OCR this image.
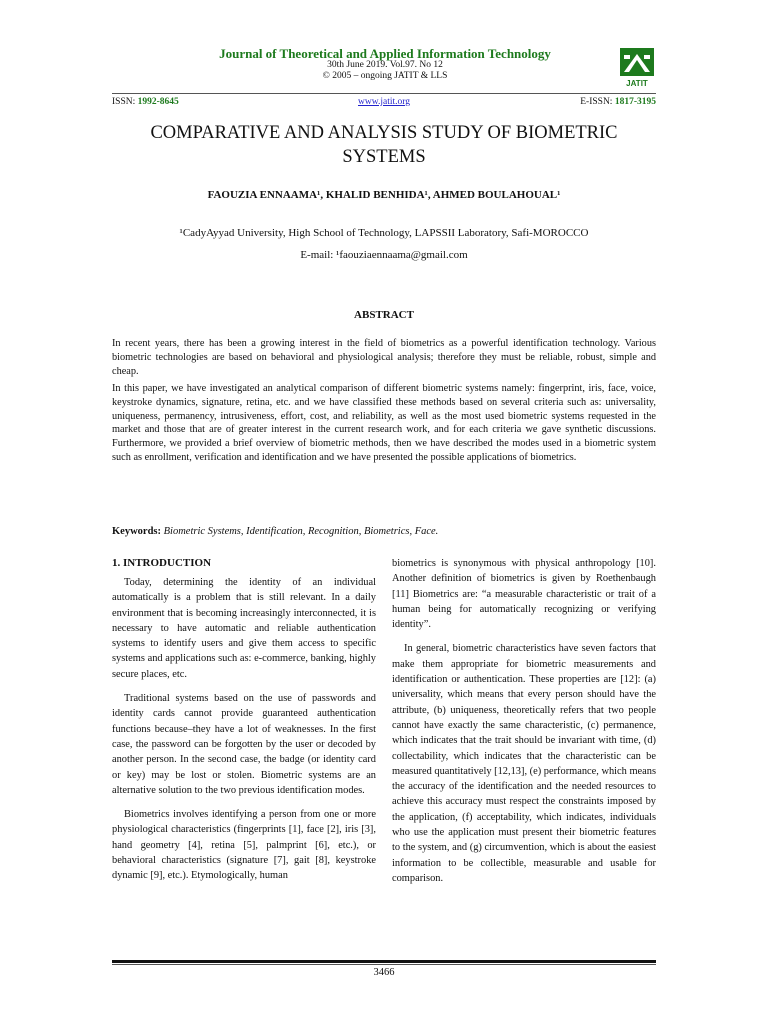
Journal of Theoretical and Applied Information Technology
30th June 2019. Vol.97. No 12
© 2005 – ongoing JATIT & LLS
JATIT
ISSN: 1992-8645	www.jatit.org	E-ISSN: 1817-3195
COMPARATIVE AND ANALYSIS STUDY OF BIOMETRIC SYSTEMS
FAOUZIA ENNAAMA¹, KHALID BENHIDA¹, AHMED BOULAHOUAL¹
¹CadyAyyad University, High School of Technology, LAPSSII Laboratory, Safi-MOROCCO
E-mail: ¹faouziaennaama@gmail.com
ABSTRACT
In recent years, there has been a growing interest in the field of biometrics as a powerful identification technology. Various biometric technologies are based on behavioral and physiological analysis; therefore they must be reliable, robust, simple and cheap.
In this paper, we have investigated an analytical comparison of different biometric systems namely: fingerprint, iris, face, voice, keystroke dynamics, signature, retina, etc. and we have classified these methods based on several criteria such as: universality, uniqueness, permanency, intrusiveness, effort, cost, and reliability, as well as the most used biometric systems requested in the market and those that are of greater interest in the current research work, and for each criteria we gave synthetic discussions. Furthermore, we provided a brief overview of biometric methods, then we have described the modes used in a biometric system such as enrollment, verification and identification and we have presented the possible applications of biometrics.
Keywords: Biometric Systems, Identification, Recognition, Biometrics, Face.
1. INTRODUCTION

Today, determining the identity of an individual automatically is a problem that is still relevant. In a daily environment that is becoming increasingly interconnected, it is necessary to have automatic and reliable authentication systems to identify users and give them access to specific systems and applications such as: e-commerce, banking, highly secure places, etc.

Traditional systems based on the use of passwords and identity cards cannot provide guaranteed authentication functions because–they have a lot of weaknesses. In the first case, the password can be forgotten by the user or decoded by another person. In the second case, the badge (or identity card or key) may be lost or stolen. Biometric systems are an alternative solution to the two previous identification modes.

Biometrics involves identifying a person from one or more physiological characteristics (fingerprints [1], face [2], iris [3], hand geometry [4], retina [5], palmprint [6], etc.), or behavioral characteristics (signature [7], gait [8], keystroke dynamic [9], etc.). Etymologically, human

biometrics is synonymous with physical anthropology [10]. Another definition of biometrics is given by Roethenbaugh [11] Biometrics are: “a measurable characteristic or trait of a human being for automatically recognizing or verifying identity”.

In general, biometric characteristics have seven factors that make them appropriate for biometric measurements and identification or authentication. These properties are [12]: (a) universality, which means that every person should have the attribute, (b) uniqueness, theoretically refers that two people cannot have exactly the same characteristic, (c) permanence, which indicates that the trait should be invariant with time, (d) collectability, which indicates that the characteristic can be measured quantitatively [12,13], (e) performance, which means the accuracy of the identification and the needed resources to achieve this accuracy must respect the constraints imposed by the application, (f) acceptability, which indicates, individuals who use the application must present their biometric features to the system, and (g) circumvention, which is about the easiest information to be collectible, measurable and usable for comparison.

3466
